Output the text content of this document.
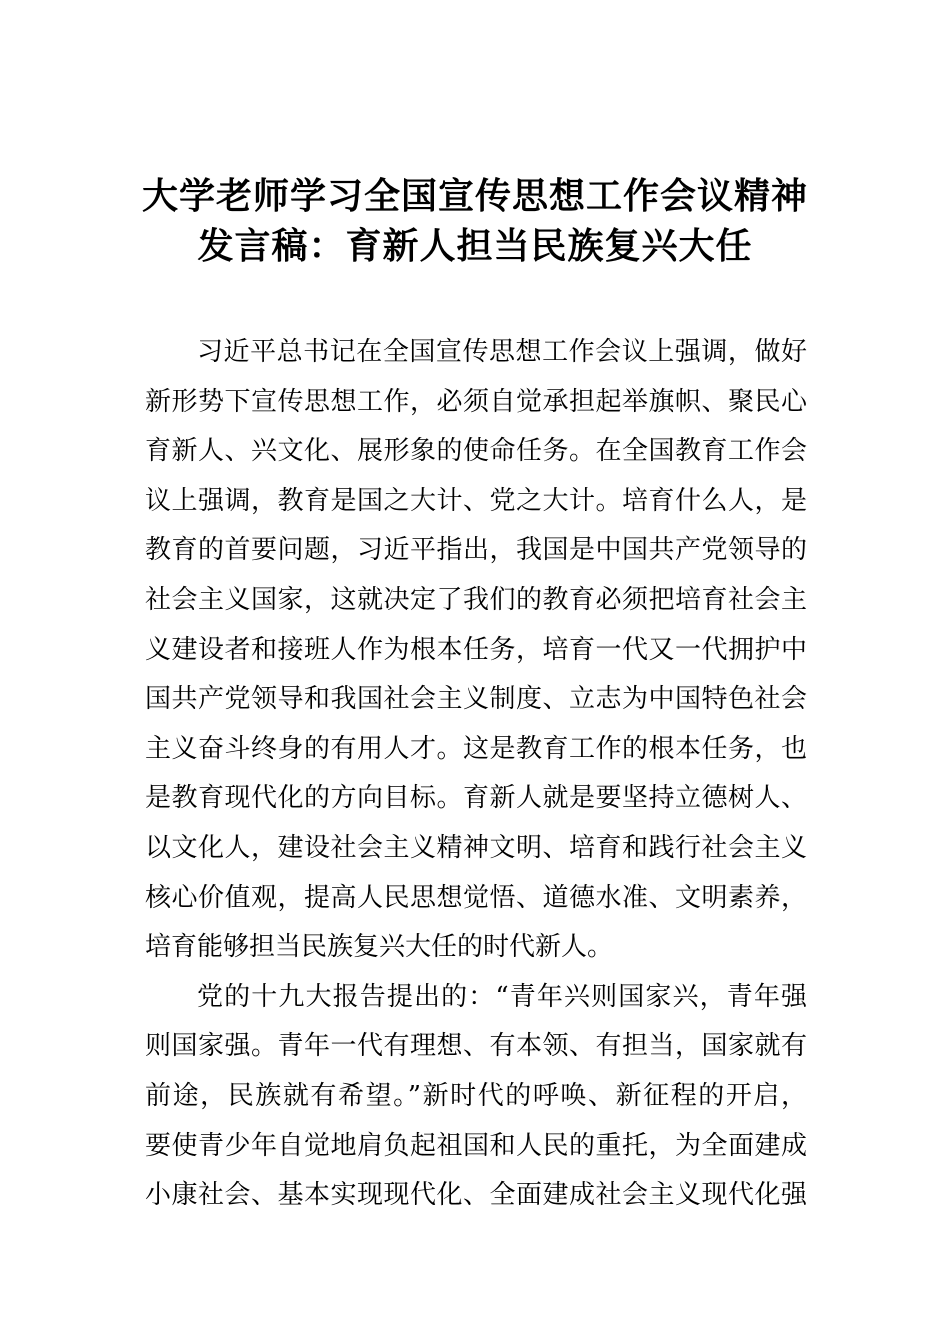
大学老师学习全国宣传思想工作会议精神
发言稿：育新人担当民族复兴大任

习近平总书记在全国宣传思想工作会议上强调，做好
新形势下宣传思想工作，必须自觉承担起举旗帜、聚民心
育新人、兴文化、展形象的使命任务。在全国教育工作会
议上强调，教育是国之大计、党之大计。培育什么人，是
教育的首要问题，习近平指出，我国是中国共产党领导的
社会主义国家，这就决定了我们的教育必须把培育社会主
义建设者和接班人作为根本任务，培育一代又一代拥护中
国共产党领导和我国社会主义制度、立志为中国特色社会
主义奋斗终身的有用人才。这是教育工作的根本任务，也
是教育现代化的方向目标。育新人就是要坚持立德树人、
以文化人，建设社会主义精神文明、培育和践行社会主义
核心价值观，提高人民思想觉悟、道德水准、文明素养，
培育能够担当民族复兴大任的时代新人。

党的十九大报告提出的：“青年兴则国家兴，青年强
则国家强。青年一代有理想、有本领、有担当，国家就有
前途，民族就有希望。”新时代的呼唤、新征程的开启，
要使青少年自觉地肩负起祖国和人民的重托，为全面建成
小康社会、基本实现现代化、全面建成社会主义现代化强
